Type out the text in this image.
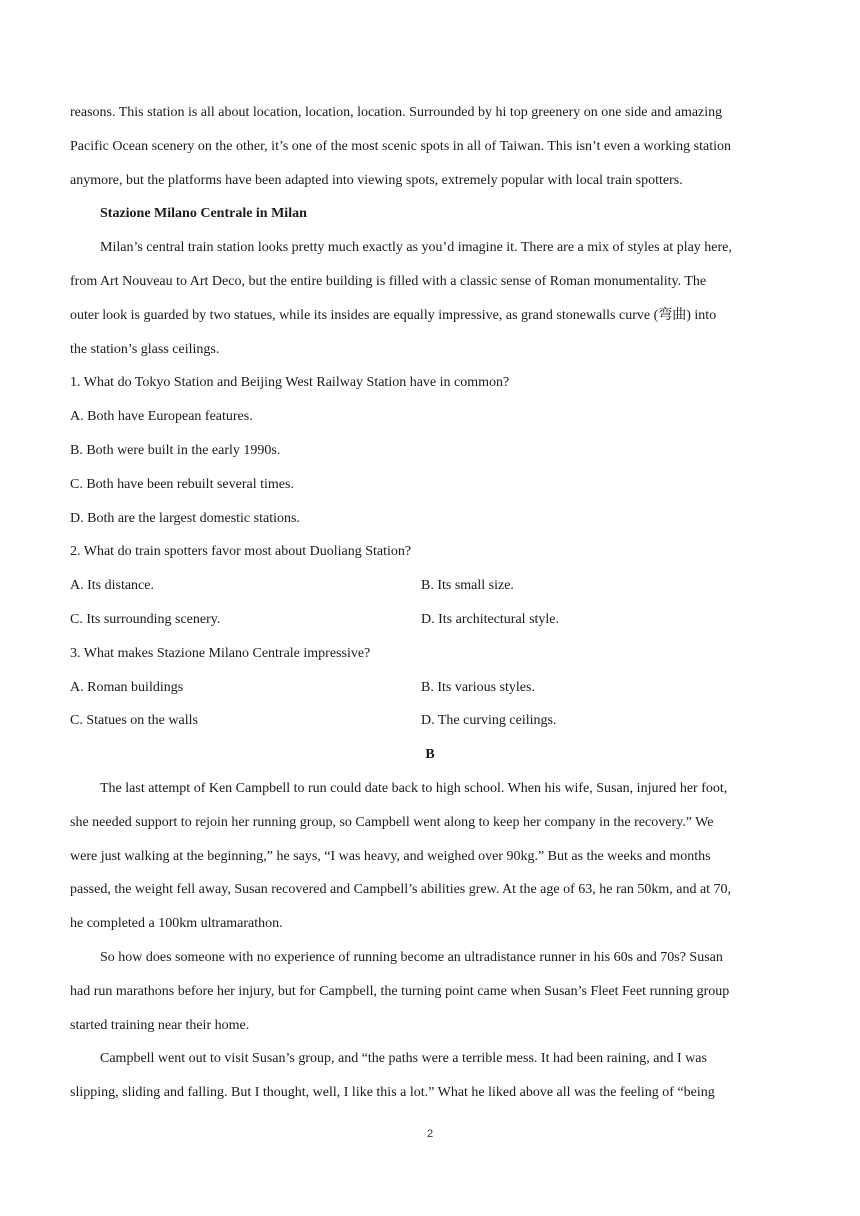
reasons. This station is all about location, location, location. Surrounded by hi top greenery on one side and amazing
Pacific Ocean scenery on the other, it’s one of the most scenic spots in all of Taiwan. This isn’t even a working station
anymore, but the platforms have been adapted into viewing spots, extremely popular with local train spotters.
Stazione Milano Centrale in Milan
Milan’s central train station looks pretty much exactly as you’d imagine it. There are a mix of styles at play here,
from Art Nouveau to Art Deco, but the entire building is filled with a classic sense of Roman monumentality. The
outer look is guarded by two statues, while its insides are equally impressive, as grand stonewalls curve (弯曲) into
the station’s glass ceilings.
1. What do Tokyo Station and Beijing West Railway Station have in common?
A. Both have European features.
B. Both were built in the early 1990s.
C. Both have been rebuilt several times.
D. Both are the largest domestic stations.
2. What do train spotters favor most about Duoliang Station?
A. Its distance.	B. Its small size.
C. Its surrounding scenery.	D. Its architectural style.
3. What makes Stazione Milano Centrale impressive?
A. Roman buildings	B. Its various styles.
C. Statues on the walls	D. The curving ceilings.
B
The last attempt of Ken Campbell to run could date back to high school. When his wife, Susan, injured her foot,
she needed support to rejoin her running group, so Campbell went along to keep her company in the recovery.” We
were just walking at the beginning,” he says, “I was heavy, and weighed over 90kg.” But as the weeks and months
passed, the weight fell away, Susan recovered and Campbell’s abilities grew. At the age of 63, he ran 50km, and at 70,
he completed a 100km ultramarathon.
So how does someone with no experience of running become an ultradistance runner in his 60s and 70s? Susan
had run marathons before her injury, but for Campbell, the turning point came when Susan’s Fleet Feet running group
started training near their home.
Campbell went out to visit Susan’s group, and “the paths were a terrible mess. It had been raining, and I was
slipping, sliding and falling. But I thought, well, I like this a lot.” What he liked above all was the feeling of “being
2
